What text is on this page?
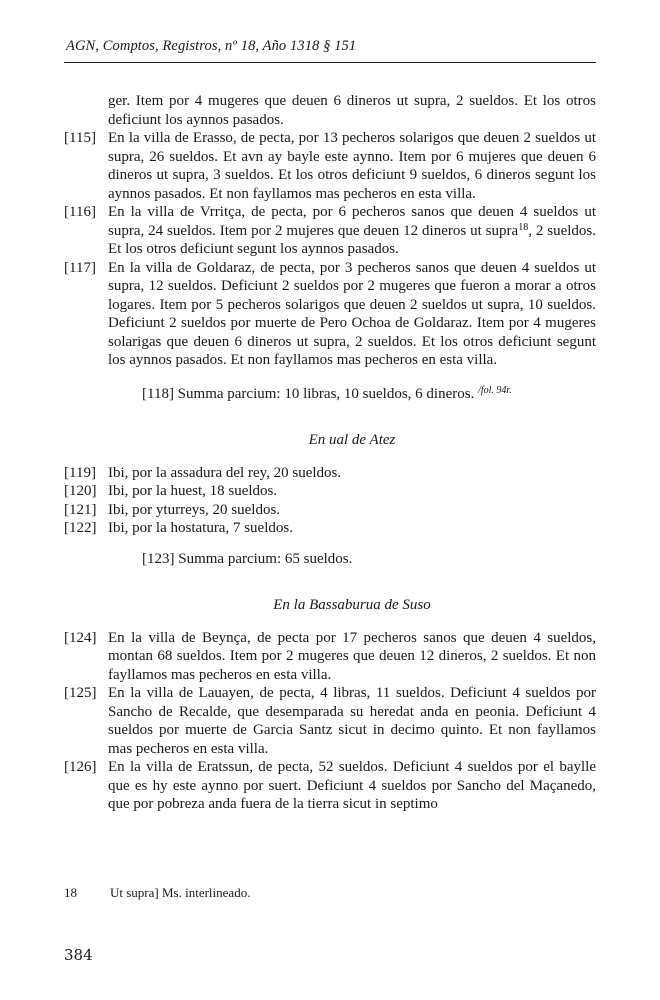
AGN, Comptos, Registros, nº 18, Año 1318 § 151

ger. Item por 4 mugeres que deuen 6 dineros ut supra, 2 sueldos. Et los otros deficiunt los aynnos pasados.

[115] En la villa de Erasso, de pecta, por 13 pecheros solarigos que deuen 2 sueldos ut supra, 26 sueldos. Et avn ay bayle este aynno. Item por 6 mujeres que deuen 6 dineros ut supra, 3 sueldos. Et los otros deficiunt 9 sueldos, 6 dineros segunt los aynnos pasados. Et non fayllamos mas pecheros en esta villa.
[116] En la villa de Vrritça, de pecta, por 6 pecheros sanos que deuen 4 sueldos ut supra, 24 sueldos. Item por 2 mujeres que deuen 12 dineros ut supra$^{18}$, 2 sueldos. Et los otros deficiunt segunt los aynnos pasados.
[117] En la villa de Goldaraz, de pecta, por 3 pecheros sanos que deuen 4 sueldos ut supra, 12 sueldos. Deficiunt 2 sueldos por 2 mugeres que fueron a morar a otros logares. Item por 5 pecheros solarigos que deuen 2 sueldos ut supra, 10 sueldos. Deficiunt 2 sueldos por muerte de Pero Ochoa de Goldaraz. Item por 4 mugeres solarigas que deuen 6 dineros ut supra, 2 sueldos. Et los otros deficiunt segunt los aynnos pasados. Et non fayllamos mas pecheros en esta villa.
[118] Summa parcium: 10 libras, 10 sueldos, 6 dineros. $^{/fol. 94r.}$
En ual de Atez
[119] Ibi, por la assadura del rey, 20 sueldos.
[120] Ibi, por la huest, 18 sueldos.
[121] Ibi, por yturreys, 20 sueldos.
[122] Ibi, por la hostatura, 7 sueldos.
[123] Summa parcium: 65 sueldos.
En la Bassaburua de Suso
[124] En la villa de Beynça, de pecta por 17 pecheros sanos que deuen 4 sueldos, montan 68 sueldos. Item por 2 mugeres que deuen 12 dineros, 2 sueldos. Et non fayllamos mas pecheros en esta villa.
[125] En la villa de Lauayen, de pecta, 4 libras, 11 sueldos. Deficiunt 4 sueldos por Sancho de Recalde, que desemparada su heredat anda en peonia. Deficiunt 4 sueldos por muerte de Garcia Santz sicut in decimo quinto. Et non fayllamos mas pecheros en esta villa.
[126] En la villa de Eratssun, de pecta, 52 sueldos. Deficiunt 4 sueldos por el baylle que es hy este aynno por suert. Deficiunt 4 sueldos por Sancho del Maçanedo, que por pobreza anda fuera de la tierra sicut in septimo
18	Ut supra] Ms. interlineado.
384
